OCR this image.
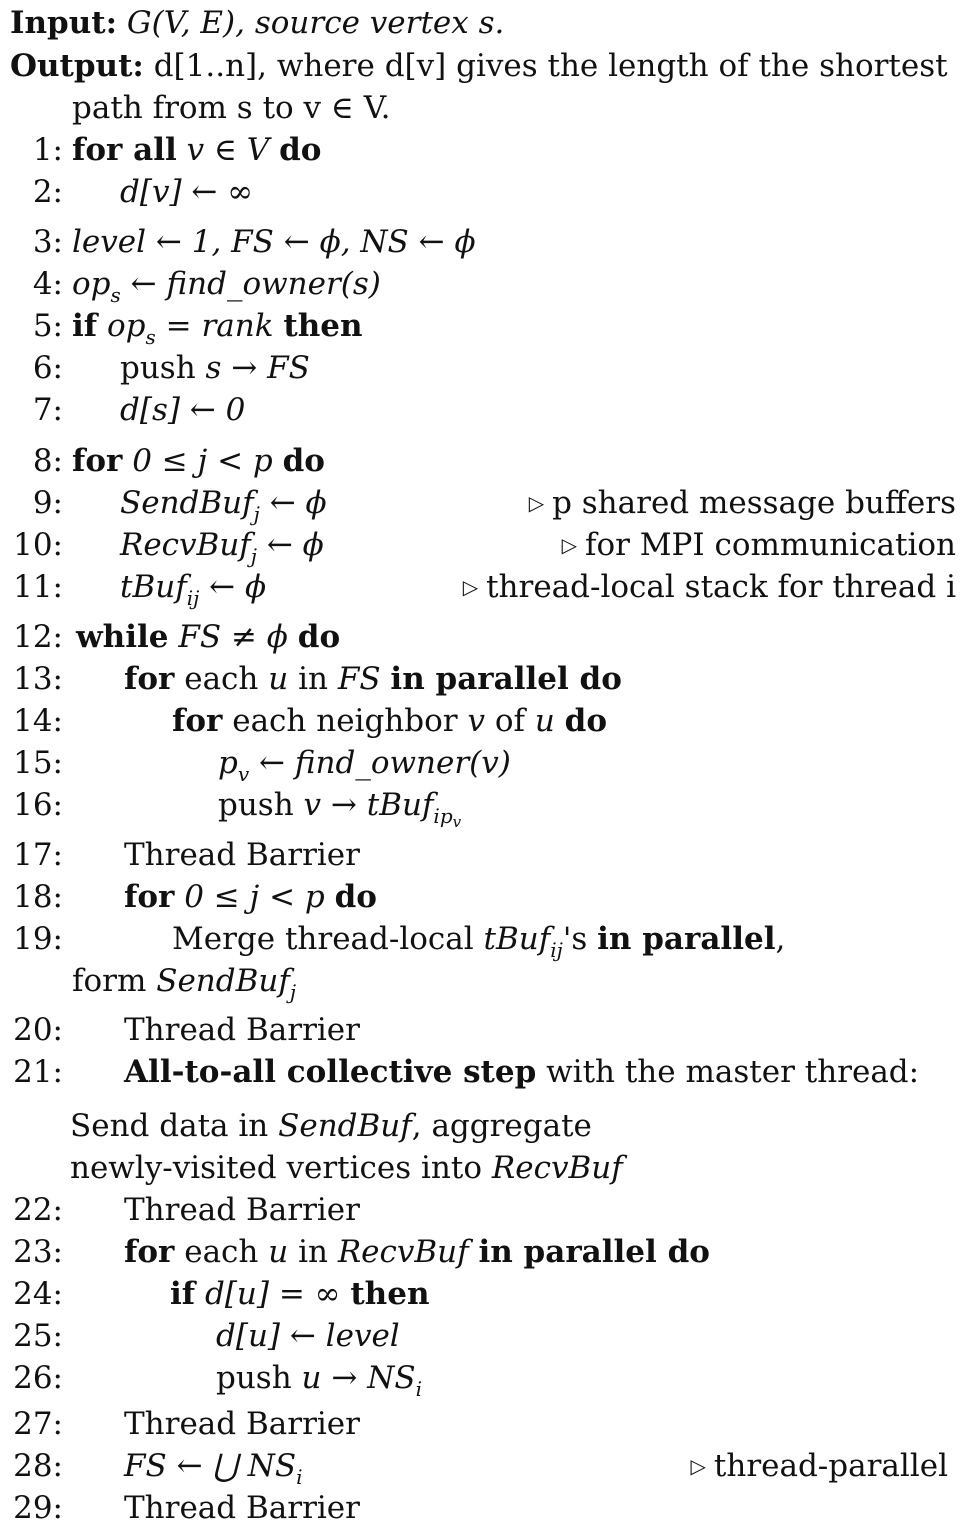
Input: G(V, E), source vertex s.
Output: d[1..n], where d[v] gives the length of the shortest
path from s to v ∈ V.
1: for all v ∈ V do
2: d[v] ← ∞
3: level ← 1, FS ← ϕ, NS ← ϕ
4: $op_s$ ← find_owner(s)
5: if $op_s$ = rank then
6: push s → FS
7: d[s] ← 0
8: for 0 ≤ j < p do
9: SendBuf$_j$ ← ϕ	▷ p shared message buffers
10: RecvBuf$_j$ ← ϕ	▷ for MPI communication
11: tBuf$_{ij}$ ← ϕ	▷ thread-local stack for thread i
12: while FS ≠ ϕ do
13: for each u in FS in parallel do
14:	for each neighbor v of u do
15:	$p_v$ ← find_owner(v)
16:	push v → tBuf$_{ipv}$
17: Thread Barrier
18: for 0 ≤ j < p do
19:	Merge thread-local tBuf$_{ij}$'s in parallel,
form SendBuf$_j$
20: Thread Barrier
21: All-to-all collective step with the master thread:
Send data in SendBuf, aggregate
newly-visited vertices into RecvBuf
22: Thread Barrier
23: for each u in RecvBuf in parallel do
24:	if d[u] = ∞ then
25:	d[u] ← level
26:	push $u \to NS_i$
27: Thread Barrier
28: FS ← ⋃ $NS_i$	▷ thread-parallel
29: Thread Barrier
